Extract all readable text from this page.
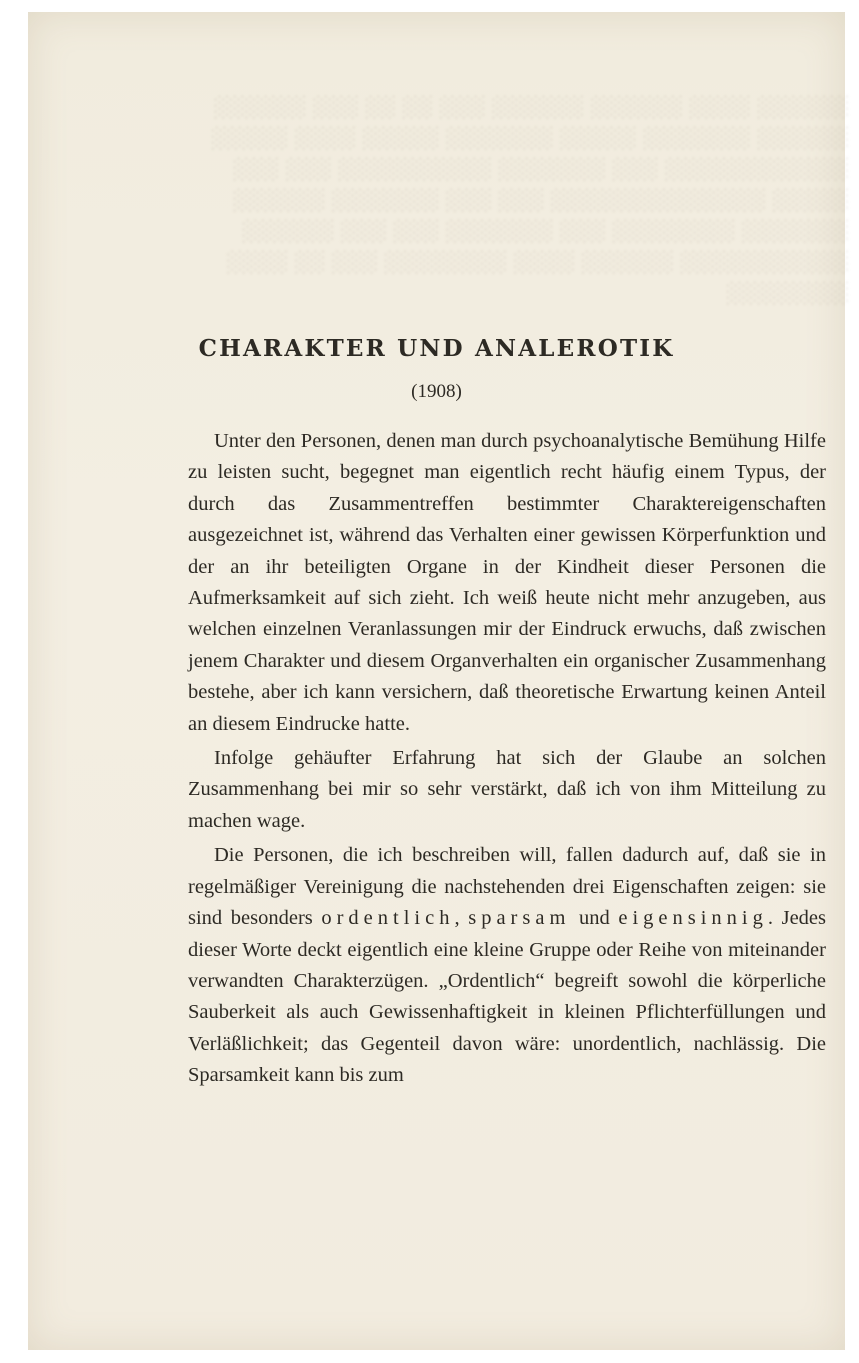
░░░░░░ ░░░░ ░░░░░░ ░░░░░░ ░░░ ░░ ░░ ░░░ ░░░░░░
░░░░░░ ░░░░░░░ ░░░░░ ░░░░░░░ ░░░░░ ░░░░ ░░░░░
░░░░░░░░░░░░ ░░░ ░░░░░░░ ░░░░░░░░░░ ░░░ ░░░
░░░░░ ░░░░░░░░░░░░░░ ░░░ ░░░ ░░░░░░░ ░░░░░░
░░░░░░░ ░░░░░░░░ ░░░ ░░░░░░░ ░░░ ░░░ ░░░░░░
░░░░░░░░░░░ ░░░░░░ ░░░░ ░░░░░░░░ ░░░ ░░ ░░░░
░░░░░░░░
CHARAKTER UND ANALEROTIK
(1908)

Unter den Personen, denen man durch psychoanalytische Bemühung Hilfe zu leisten sucht, begegnet man eigentlich recht häufig einem Typus, der durch das Zusammentreffen bestimmter Charaktereigenschaften ausgezeichnet ist, während das Verhalten einer gewissen Körperfunktion und der an ihr beteiligten Organe in der Kindheit dieser Personen die Aufmerksamkeit auf sich zieht. Ich weiß heute nicht mehr anzugeben, aus welchen einzelnen Veranlassungen mir der Eindruck erwuchs, daß zwischen jenem Charakter und diesem Organverhalten ein organischer Zusammenhang bestehe, aber ich kann versichern, daß theoretische Erwartung keinen Anteil an diesem Eindrucke hatte.

Infolge gehäufter Erfahrung hat sich der Glaube an solchen Zusammenhang bei mir so sehr verstärkt, daß ich von ihm Mitteilung zu machen wage.

Die Personen, die ich beschreiben will, fallen dadurch auf, daß sie in regelmäßiger Vereinigung die nachstehenden drei Eigenschaften zeigen: sie sind besonders ordentlich, sparsam und eigensinnig. Jedes dieser Worte deckt eigentlich eine kleine Gruppe oder Reihe von miteinander verwandten Charakterzügen. „Ordentlich“ begreift sowohl die körperliche Sauberkeit als auch Gewissenhaftigkeit in kleinen Pflichterfüllungen und Verläßlichkeit; das Gegenteil davon wäre: unordentlich, nachlässig. Die Sparsamkeit kann bis zum
